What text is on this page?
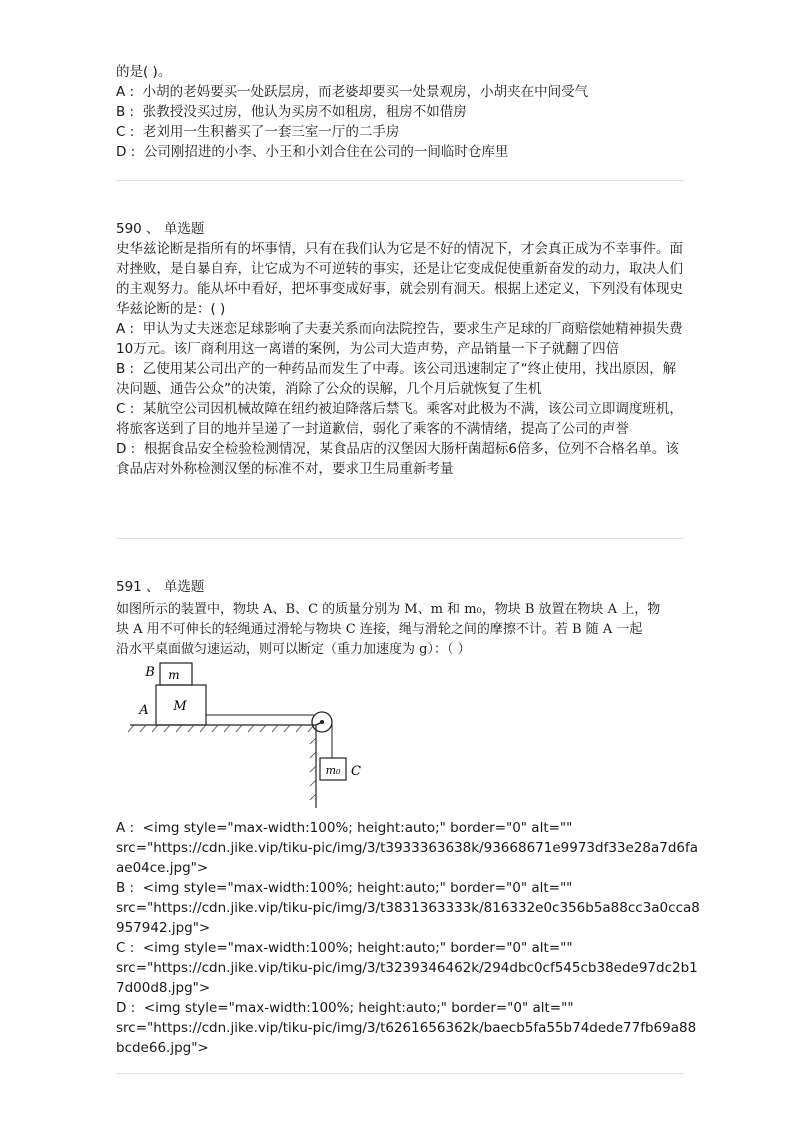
的是( )。
A : 小胡的老妈要买一处跃层房，而老婆却要买一处景观房，小胡夹在中间受气
B : 张教授没买过房，他认为买房不如租房，租房不如借房
C : 老刘用一生积蓄买了一套三室一厅的二手房
D : 公司刚招进的小李、小王和小刘合住在公司的一间临时仓库里
590 、 单选题
史华兹论断是指所有的坏事情，只有在我们认为它是不好的情况下，才会真正成为不幸事件。面对挫败，是自暴自弃，让它成为不可逆转的事实，还是让它变成促使重新奋发的动力，取决人们的主观努力。能从坏中看好，把坏事变成好事，就会别有洞天。根据上述定义，下列没有体现史华兹论断的是：( )
A : 甲认为丈夫迷恋足球影响了夫妻关系而向法院控告，要求生产足球的厂商赔偿她精神损失费10万元。该厂商利用这一离谱的案例，为公司大造声势，产品销量一下子就翻了四倍
B : 乙使用某公司出产的一种药品而发生了中毒。该公司迅速制定了“终止使用，找出原因，解决问题、通告公众”的决策，消除了公众的误解，几个月后就恢复了生机
C : 某航空公司因机械故障在纽约被迫降落后禁飞。乘客对此极为不满，该公司立即调度班机，将旅客送到了目的地并呈递了一封道歉信，弱化了乘客的不满情绪，提高了公司的声誉
D : 根据食品安全检验检测情况，某食品店的汉堡因大肠杆菌超标6倍多，位列不合格名单。该食品店对外称检测汉堡的标准不对，要求卫生局重新考量
591 、 单选题
如图所示的装置中，物块 A、B、C 的质量分别为 M、m 和 m₀，物块 B 放置在物块 A 上，物
块 A 用不可伸长的轻绳通过滑轮与物块 C 连接，绳与滑轮之间的摩擦不计。若 B 随 A 一起
沿水平桌面做匀速运动，则可以断定（重力加速度为 g）：（ ）
m
B
M
A
m₀ C
A : <img style="max-width:100%; height:auto;" border="0" alt=""
src="https://cdn.jike.vip/tiku-pic/img/3/t3933363638k/93668671e9973df33e28a7d6fa
ae04ce.jpg">
B : <img style="max-width:100%; height:auto;" border="0" alt=""
src="https://cdn.jike.vip/tiku-pic/img/3/t3831363333k/816332e0c356b5a88cc3a0cca8
957942.jpg">
C : <img style="max-width:100%; height:auto;" border="0" alt=""
src="https://cdn.jike.vip/tiku-pic/img/3/t3239346462k/294dbc0cf545cb38ede97dc2b1
7d00d8.jpg">
D : <img style="max-width:100%; height:auto;" border="0" alt=""
src="https://cdn.jike.vip/tiku-pic/img/3/t6261656362k/baecb5fa55b74dede77fb69a88
bcde66.jpg">
